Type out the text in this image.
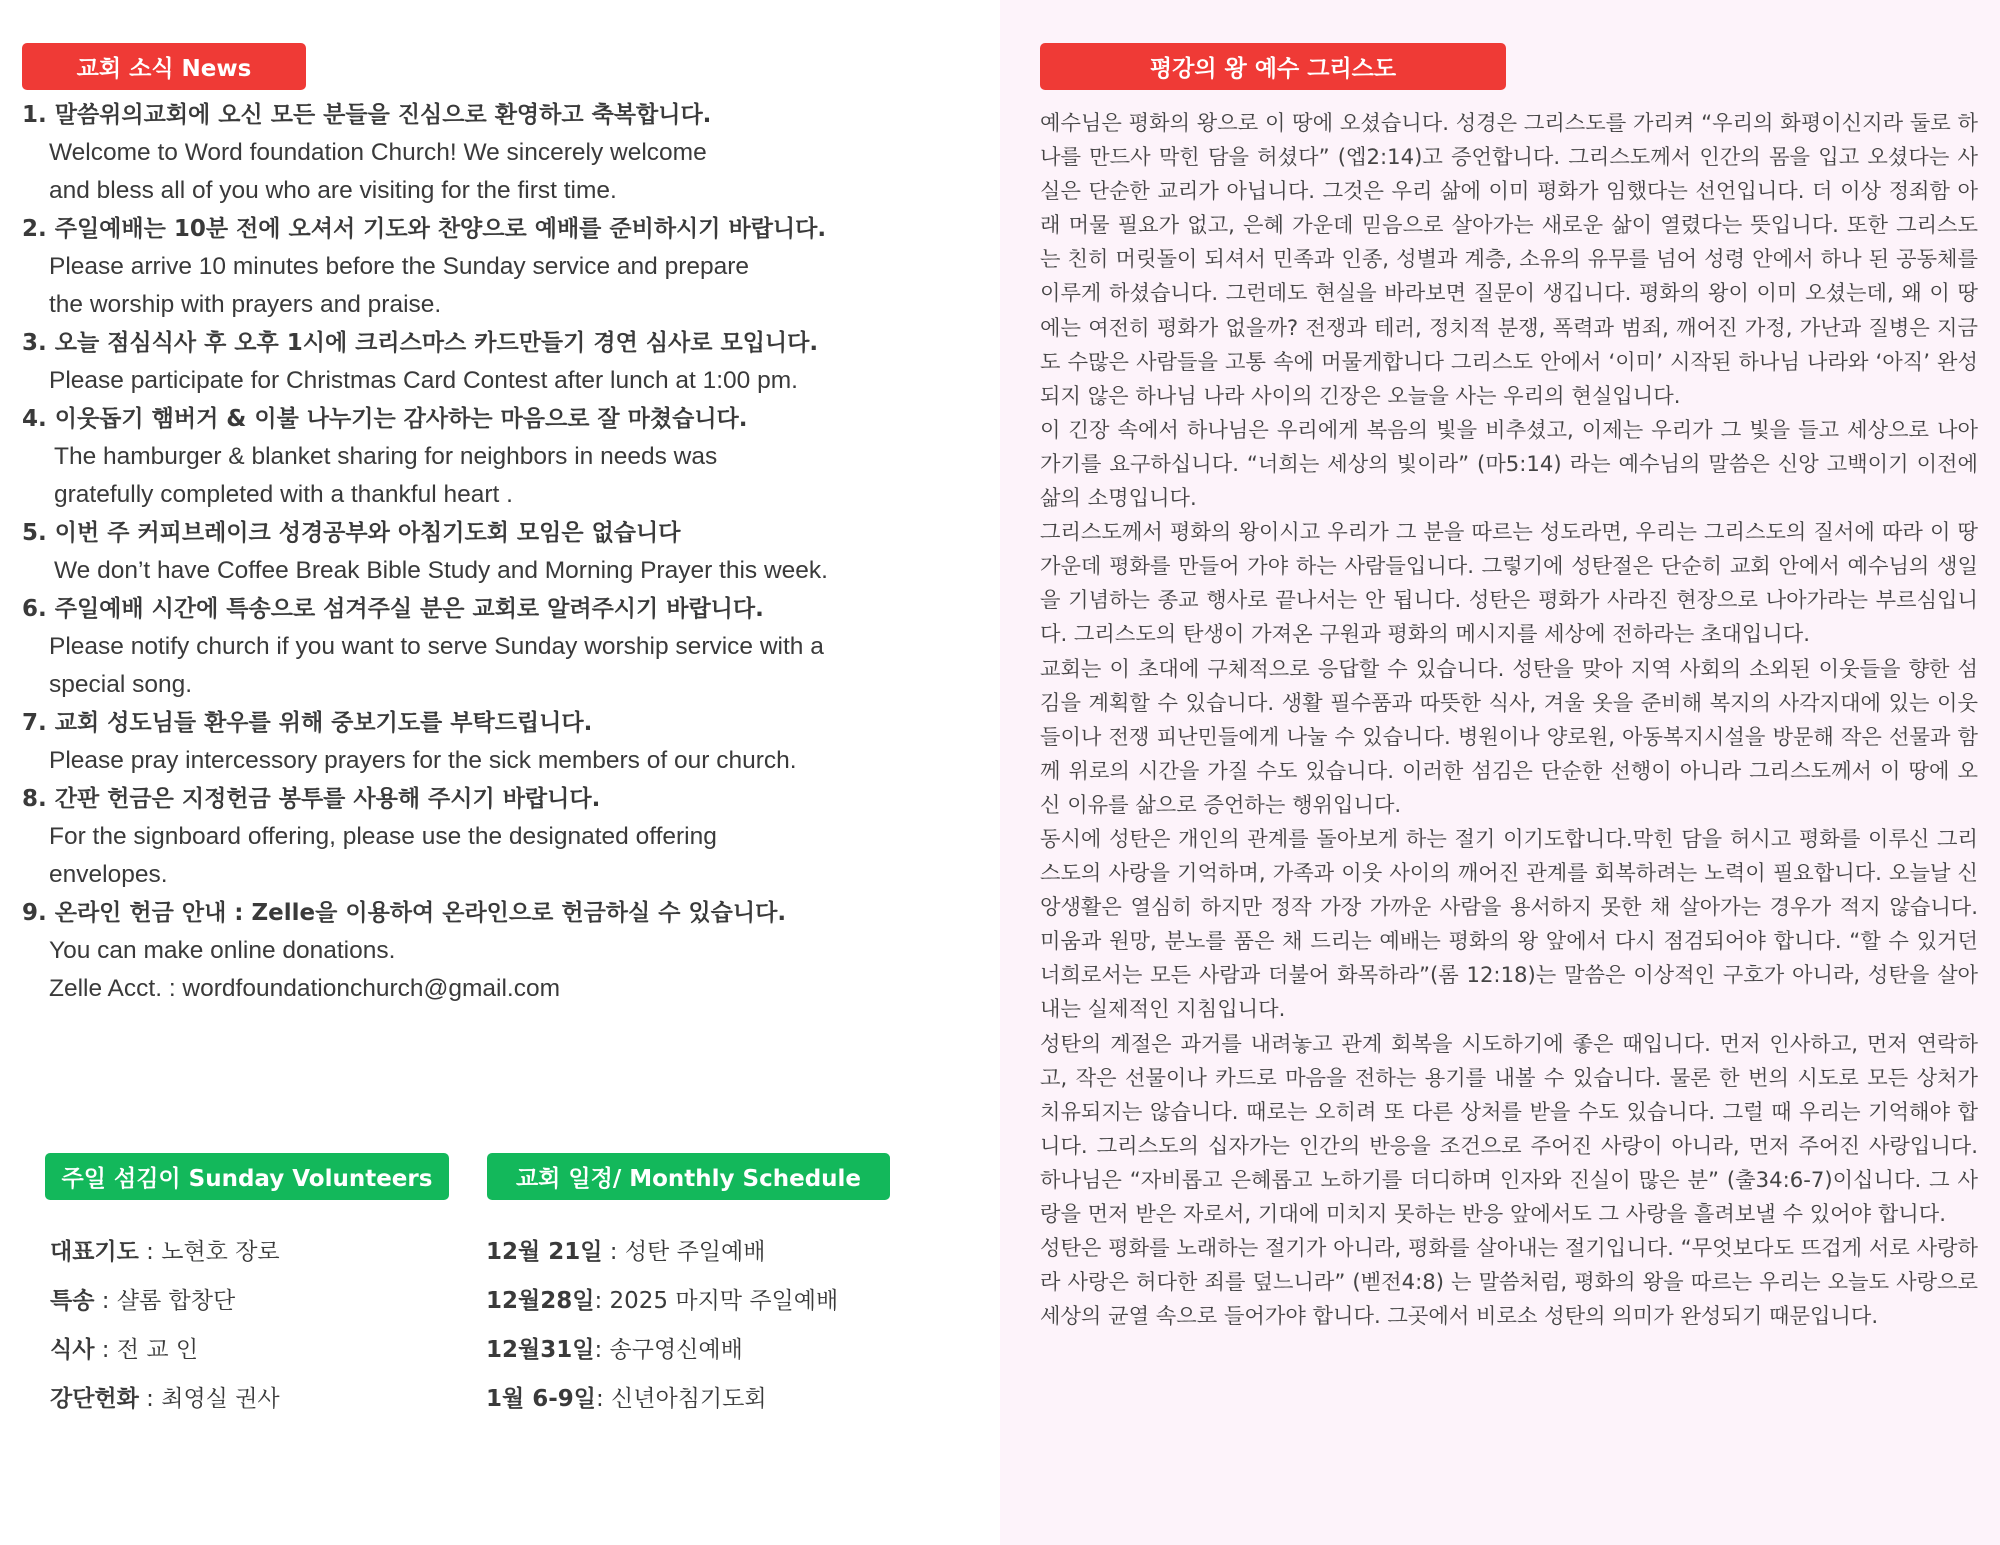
교회 소식 News
1. 말씀위의교회에 오신 모든 분들을 진심으로 환영하고 축복합니다.
Welcome to Word foundation Church! We sincerely welcome
and bless all of you who are visiting for the first time.
2. 주일예배는 10분 전에 오셔서 기도와 찬양으로 예배를 준비하시기 바랍니다.
Please arrive 10 minutes before the Sunday service and prepare
the worship with prayers and praise.
3. 오늘 점심식사 후 오후 1시에 크리스마스 카드만들기 경연 심사로 모입니다.
Please participate for Christmas Card Contest after lunch at 1:00 pm.
4. 이웃돕기 햄버거 & 이불 나누기는 감사하는 마음으로 잘 마쳤습니다.
The hamburger & blanket sharing for neighbors in needs was
gratefully completed with a thankful heart .
5. 이번 주 커피브레이크 성경공부와 아침기도회 모임은 없습니다
We don’t have Coffee Break Bible Study and Morning Prayer this week.
6. 주일예배 시간에 특송으로 섬겨주실 분은 교회로 알려주시기 바랍니다.
Please notify church if you want to serve Sunday worship service with a
special song.
7. 교회 성도님들 환우를 위해 중보기도를 부탁드립니다.
Please pray intercessory prayers for the sick members of our church.
8. 간판 헌금은 지정헌금 봉투를 사용해 주시기 바랍니다.
For the signboard offering, please use the designated offering
envelopes.
9. 온라인 헌금 안내 : Zelle을 이용하여 온라인으로 헌금하실 수 있습니다.
You can make online donations.
Zelle Acct. : wordfoundationchurch@gmail.com
주일 섬김이 Sunday Volunteers
대표기도 : 노현호 장로
특송 : 샬롬 합창단
식사 : 전 교 인
강단헌화 : 최영실 권사
교회 일정/ Monthly Schedule
12월 21일 : 성탄 주일예배
12월28일: 2025 마지막 주일예배
12월31일: 송구영신예배
1월 6-9일: 신년아침기도회
평강의 왕 예수 그리스도

예수님은 평화의 왕으로 이 땅에 오셨습니다. 성경은 그리스도를 가리켜 “우리의 화평이신지라 둘로 하나를 만드사 막힌 담을 허셨다” (엡2:14)고 증언합니다. 그리스도께서 인간의 몸을 입고 오셨다는 사실은 단순한 교리가 아닙니다. 그것은 우리 삶에 이미 평화가 임했다는 선언입니다. 더 이상 정죄함 아래 머물 필요가 없고, 은혜 가운데 믿음으로 살아가는 새로운 삶이 열렸다는 뜻입니다. 또한 그리스도는 친히 머릿돌이 되셔서 민족과 인종, 성별과 계층, 소유의 유무를 넘어 성령 안에서 하나 된 공동체를 이루게 하셨습니다. 그런데도 현실을 바라보면 질문이 생깁니다. 평화의 왕이 이미 오셨는데, 왜 이 땅에는 여전히 평화가 없을까? 전쟁과 테러, 정치적 분쟁, 폭력과 범죄, 깨어진 가정, 가난과 질병은 지금도 수많은 사람들을 고통 속에 머물게합니다 그리스도 안에서 ‘이미’ 시작된 하나님 나라와 ‘아직’ 완성되지 않은 하나님 나라 사이의 긴장은 오늘을 사는 우리의 현실입니다.

이 긴장 속에서 하나님은 우리에게 복음의 빛을 비추셨고, 이제는 우리가 그 빛을 들고 세상으로 나아가기를 요구하십니다. “너희는 세상의 빛이라” (마5:14) 라는 예수님의 말씀은 신앙 고백이기 이전에 삶의 소명입니다.

그리스도께서 평화의 왕이시고 우리가 그 분을 따르는 성도라면, 우리는 그리스도의 질서에 따라 이 땅 가운데 평화를 만들어 가야 하는 사람들입니다. 그렇기에 성탄절은 단순히 교회 안에서 예수님의 생일을 기념하는 종교 행사로 끝나서는 안 됩니다. 성탄은 평화가 사라진 현장으로 나아가라는 부르심입니다. 그리스도의 탄생이 가져온 구원과 평화의 메시지를 세상에 전하라는 초대입니다.

교회는 이 초대에 구체적으로 응답할 수 있습니다. 성탄을 맞아 지역 사회의 소외된 이웃들을 향한 섬김을 계획할 수 있습니다. 생활 필수품과 따뜻한 식사, 겨울 옷을 준비해 복지의 사각지대에 있는 이웃들이나 전쟁 피난민들에게 나눌 수 있습니다. 병원이나 양로원, 아동복지시설을 방문해 작은 선물과 함께 위로의 시간을 가질 수도 있습니다. 이러한 섬김은 단순한 선행이 아니라 그리스도께서 이 땅에 오신 이유를 삶으로 증언하는 행위입니다.

동시에 성탄은 개인의 관계를 돌아보게 하는 절기 이기도합니다.막힌 담을 허시고 평화를 이루신 그리스도의 사랑을 기억하며, 가족과 이웃 사이의 깨어진 관계를 회복하려는 노력이 필요합니다. 오늘날 신앙생활은 열심히 하지만 정작 가장 가까운 사람을 용서하지 못한 채 살아가는 경우가 적지 않습니다. 미움과 원망, 분노를 품은 채 드리는 예배는 평화의 왕 앞에서 다시 점검되어야 합니다. “할 수 있거던 너희로서는 모든 사람과 더불어 화목하라”(롬 12:18)는 말씀은 이상적인 구호가 아니라, 성탄을 살아내는 실제적인 지침입니다.

성탄의 계절은 과거를 내려놓고 관계 회복을 시도하기에 좋은 때입니다. 먼저 인사하고, 먼저 연락하고, 작은 선물이나 카드로 마음을 전하는 용기를 내볼 수 있습니다. 물론 한 번의 시도로 모든 상처가 치유되지는 않습니다. 때로는 오히려 또 다른 상처를 받을 수도 있습니다. 그럴 때 우리는 기억해야 합니다. 그리스도의 십자가는 인간의 반응을 조건으로 주어진 사랑이 아니라, 먼저 주어진 사랑입니다. 하나님은 “자비롭고 은혜롭고 노하기를 더디하며 인자와 진실이 많은 분” (출34:6-7)이십니다. 그 사랑을 먼저 받은 자로서, 기대에 미치지 못하는 반응 앞에서도 그 사랑을 흘려보낼 수 있어야 합니다.

성탄은 평화를 노래하는 절기가 아니라, 평화를 살아내는 절기입니다. “무엇보다도 뜨겁게 서로 사랑하라 사랑은 허다한 죄를 덮느니라” (벧전4:8) 는 말씀처럼, 평화의 왕을 따르는 우리는 오늘도 사랑으로 세상의 균열 속으로 들어가야 합니다. 그곳에서 비로소 성탄의 의미가 완성되기 때문입니다.
